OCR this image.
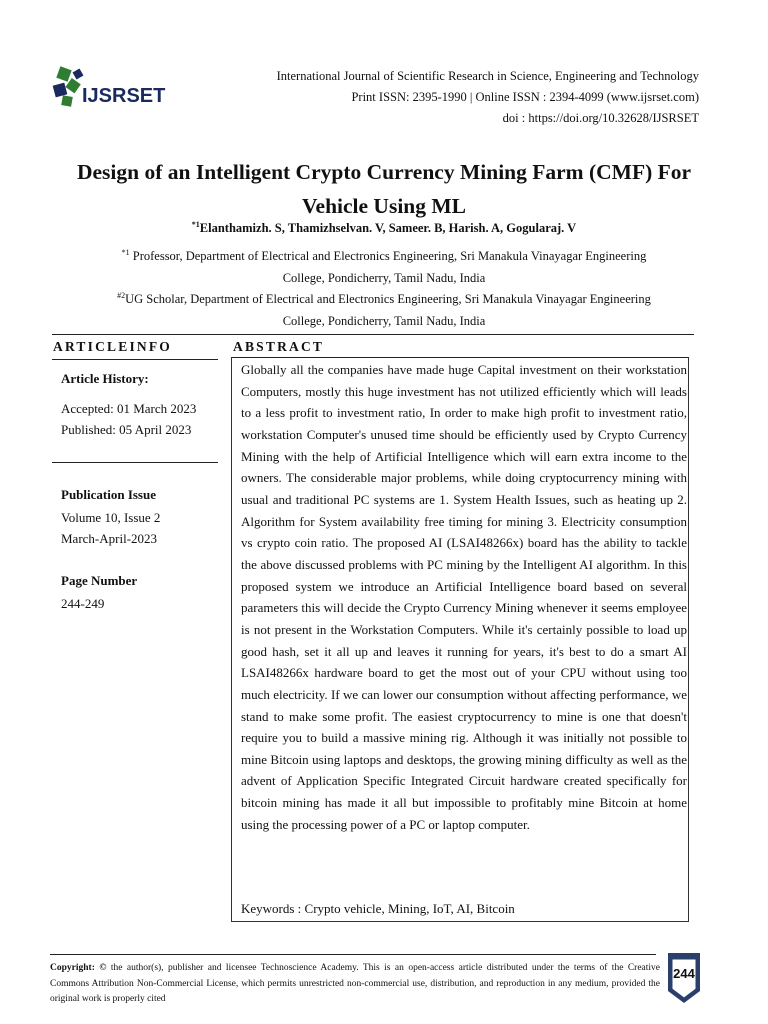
IJSRSET
International Journal of Scientific Research in Science, Engineering and Technology
Print ISSN: 2395-1990 | Online ISSN : 2394-4099 (www.ijsrset.com)
doi : https://doi.org/10.32628/IJSRSET
Design of an Intelligent Crypto Currency Mining Farm (CMF) For
Vehicle Using ML
$^{*1}$Elanthamizh. S, Thamizhselvan. V, Sameer. B, Harish. A, Gogularaj. V
$^{*1}$ Professor, Department of Electrical and Electronics Engineering, Sri Manakula Vinayagar Engineering
College, Pondicherry, Tamil Nadu, India
$^{\#2}$UG Scholar, Department of Electrical and Electronics Engineering, Sri Manakula Vinayagar Engineering
College, Pondicherry, Tamil Nadu, India
ARTICLEINFO
Article History:
Accepted: 01 March 2023
Published: 05 April 2023
Publication Issue
Volume 10, Issue 2
March-April-2023
Page Number
244-249
ABSTRACT
Globally all the companies have made huge Capital investment on their workstation Computers, mostly this huge investment has not utilized efficiently which will leads to a less profit to investment ratio, In order to make high profit to investment ratio, workstation Computer's unused time should be efficiently used by Crypto Currency Mining with the help of Artificial Intelligence which will earn extra income to the owners. The considerable major problems, while doing cryptocurrency mining with usual and traditional PC systems are 1. System Health Issues, such as heating up 2. Algorithm for System availability free timing for mining 3. Electricity consumption vs crypto coin ratio. The proposed AI (LSAI48266x) board has the ability to tackle the above discussed problems with PC mining by the Intelligent AI algorithm. In this proposed system we introduce an Artificial Intelligence board based on several parameters this will decide the Crypto Currency Mining whenever it seems employee is not present in the Workstation Computers. While it's certainly possible to load up good hash, set it all up and leaves it running for years, it's best to do a smart AI LSAI48266x hardware board to get the most out of your CPU without using too much electricity. If we can lower our consumption without affecting performance, we stand to make some profit. The easiest cryptocurrency to mine is one that doesn't require you to build a massive mining rig. Although it was initially not possible to mine Bitcoin using laptops and desktops, the growing mining difficulty as well as the advent of Application Specific Integrated Circuit hardware created specifically for bitcoin mining has made it all but impossible to profitably mine Bitcoin at home using the processing power of a PC or laptop computer.
Keywords : Crypto vehicle, Mining, IoT, AI, Bitcoin
Copyright: © the author(s), publisher and licensee Technoscience Academy. This is an open-access article distributed under the terms of the Creative Commons Attribution Non-Commercial License, which permits unrestricted non-commercial use, distribution, and reproduction in any medium, provided the original work is properly cited
244
